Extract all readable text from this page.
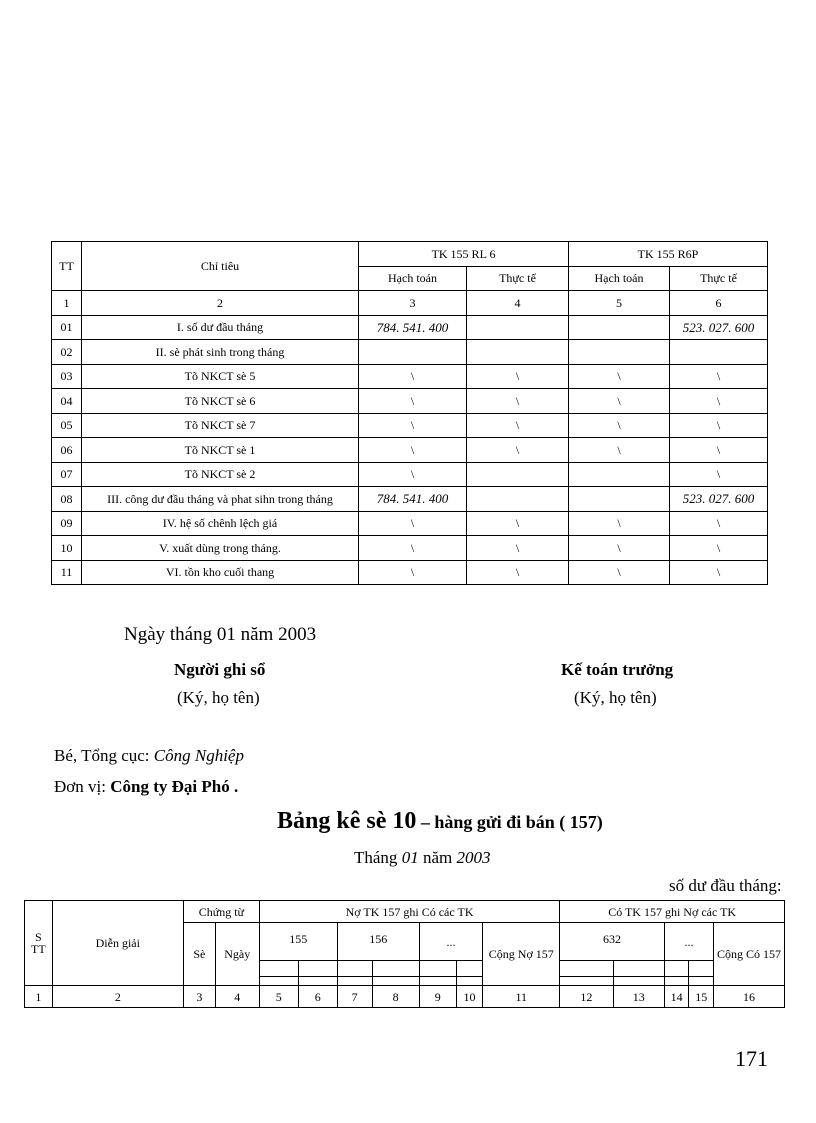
TT	Chỉ tiêu	TK 155 RL 6		TK 155 R6P	
		Hạch toán	Thực tế	Hạch toán	Thực tế
1	2	3	4	5	6
01	I. số dư đầu tháng	784. 541. 400			523. 027. 600
02	II. sè phát sinh trong tháng				
03	Tõ NKCT sè 5	\	\	\	\
04	Tõ NKCT sè 6	\	\	\	\
05	Tõ NKCT sè 7	\	\	\	\
06	Tõ NKCT sè 1	\	\	\	\
07	Tõ NKCT sè 2	\			\
08	III. công dư đầu tháng và phat sihn trong tháng	784. 541. 400			523. 027. 600
09	IV. hệ số chênh lệch giá	\	\	\	\
10	V. xuất dùng trong tháng.	\	\	\	\
11	VI. tồn kho cuối thang	\	\	\	\
Ngày tháng 01 năm 2003
Người ghi sổ
(Ký, họ tên)
Kế toán trưởng
(Ký, họ tên)
Bé, Tổng cục: Công Nghiệp
Đơn vị: Công ty Đại Phó .
Bảng kê sè 10 – hàng gửi đi bán ( 157)
Tháng 01 năm 2003
số dư đầu tháng:
S
TT	Diễn giải	Chứng từ		Nợ TK 157 ghi Có các TK							Có TK 157 ghi Nợ các TK				
		Sè	Ngày	155		156		...		Cộng Nợ 157	632		...		Cộng Có 157

1	2	3	4	5	6	7	8	9	10	11	12	13	14	15	16
171
